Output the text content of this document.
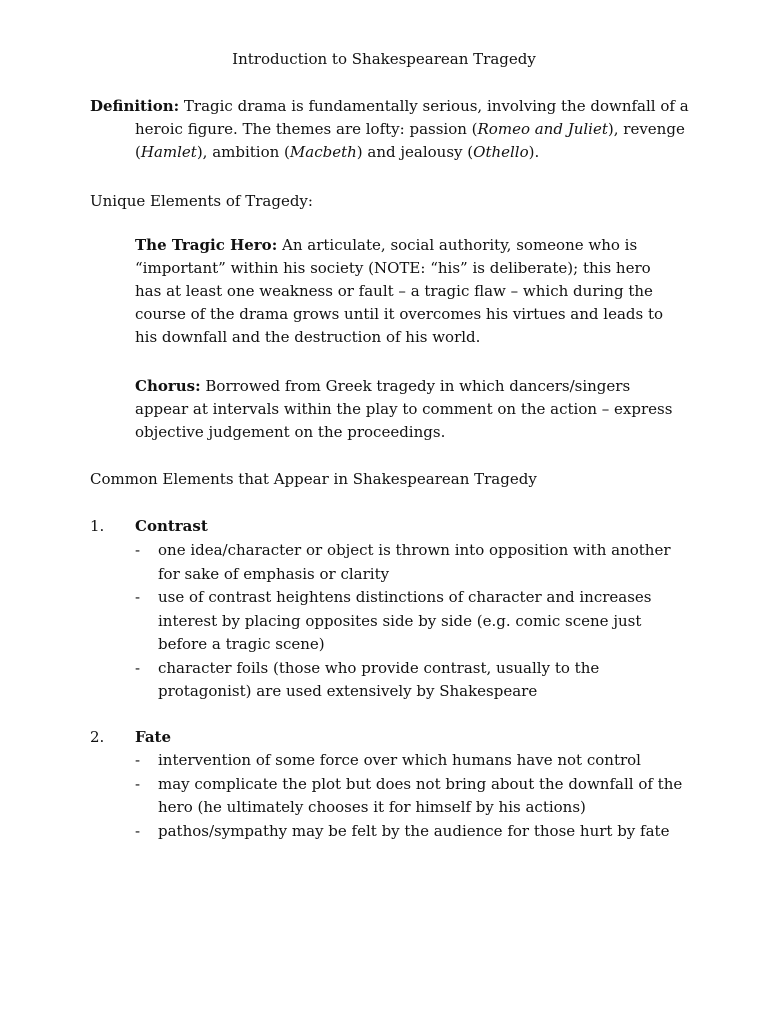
Introduction to Shakespearean Tragedy
Definition: Tragic drama is fundamentally serious, involving the downfall of a heroic figure. The themes are lofty: passion (Romeo and Juliet), revenge (Hamlet), ambition (Macbeth) and jealousy (Othello).
Unique Elements of Tragedy:
The Tragic Hero: An articulate, social authority, someone who is “important” within his society (NOTE: “his” is deliberate); this hero has at least one weakness or fault – a tragic flaw – which during the course of the drama grows until it overcomes his virtues and leads to his downfall and the destruction of his world.
Chorus: Borrowed from Greek tragedy in which dancers/singers appear at intervals within the play to comment on the action – express objective judgement on the proceedings.
Common Elements that Appear in Shakespearean Tragedy
1. Contrast
- one idea/character or object is thrown into opposition with another for sake of emphasis or clarity
- use of contrast heightens distinctions of character and increases interest by placing opposites side by side (e.g. comic scene just before a tragic scene)
- character foils (those who provide contrast, usually to the protagonist) are used extensively by Shakespeare
2. Fate
- intervention of some force over which humans have not control
- may complicate the plot but does not bring about the downfall of the hero (he ultimately chooses it for himself by his actions)
- pathos/sympathy may be felt by the audience for those hurt by fate
